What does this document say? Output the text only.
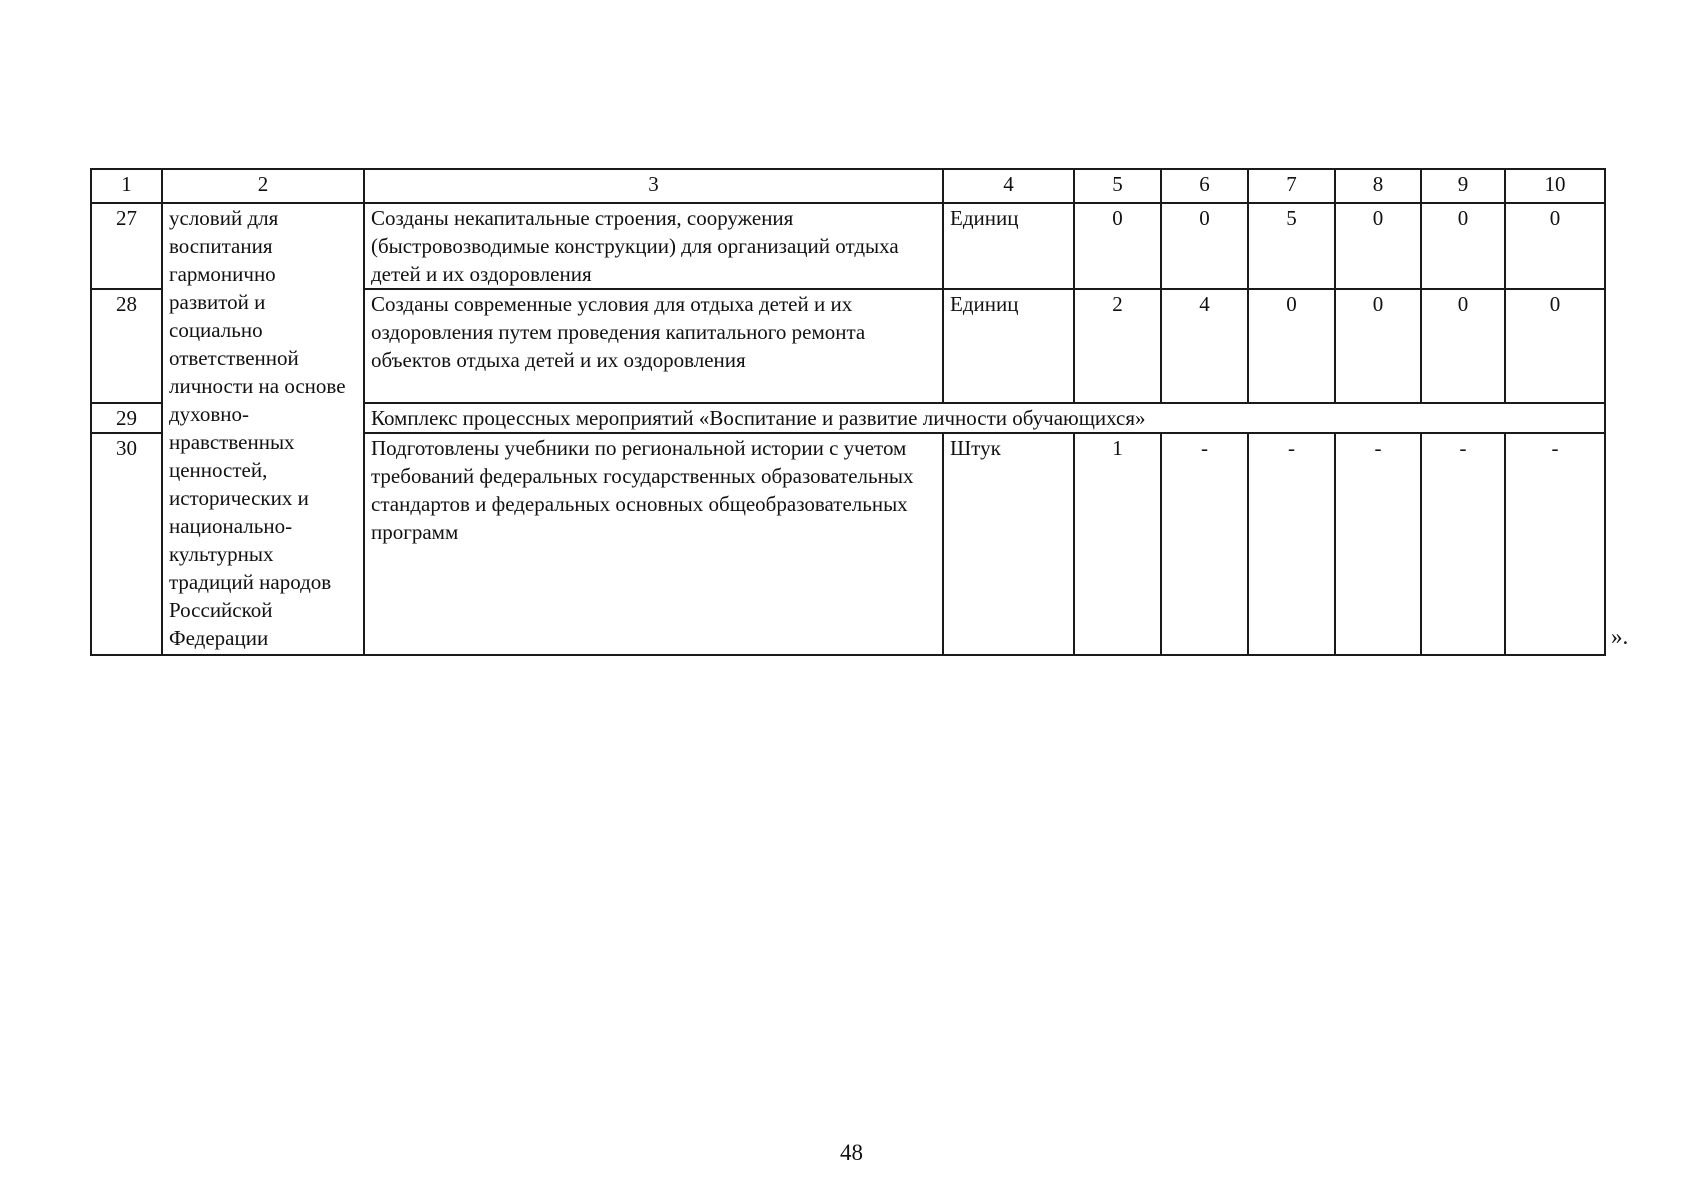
1	2	3	4	5	6	7	8	9	10
27	условий для воспитания гармонично развитой и социально ответственной личности на основе духовно-нравственных ценностей, исторических и национально-культурных традиций народов Российской Федерации	Созданы некапитальные строения, сооружения (быстровозводимые конструкции) для организаций отдыха детей и их оздоровления	Единиц	0	0	5	0	0	0
28		Созданы современные условия для отдыха детей и их оздоровления путем проведения капитального ремонта объектов отдыха детей и их оздоровления	Единиц	2	4	0	0	0	0
29		Комплекс процессных мероприятий «Воспитание и развитие личности обучающихся»							
30		Подготовлены учебники по региональной истории с учетом требований федеральных государственных образовательных стандартов и федеральных основных общеобразовательных программ	Штук	1	-	-	-	-	-
».
48
